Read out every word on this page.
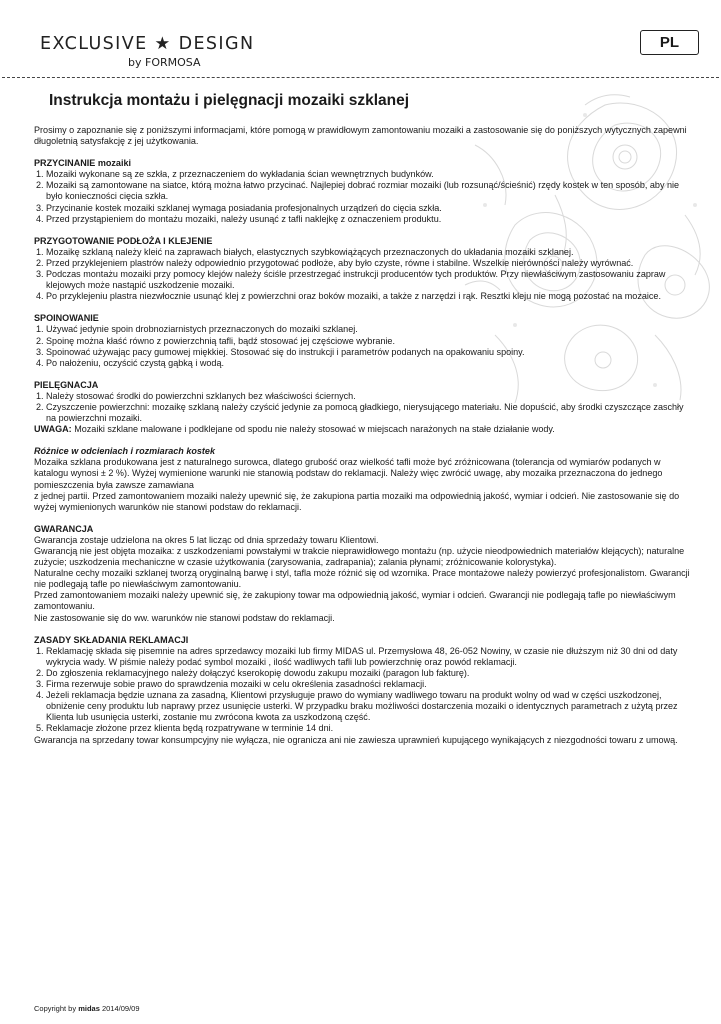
EXCLUSIVE ★ DESIGN
by FORMOSA
PL
Instrukcja montażu i pielęgnacji mozaiki szklanej

Prosimy o zapoznanie się z poniższymi informacjami, które pomogą w prawidłowym zamontowaniu mozaiki a zastosowanie się do poniższych wytycznych zapewni długoletnią satysfakcję z jej użytkowania.

PRZYCINANIE mozaiki
1. Mozaiki wykonane są ze szkła, z przeznaczeniem do wykładania ścian wewnętrznych budynków.
2. Mozaiki są zamontowane na siatce, którą można łatwo przycinać. Najlepiej dobrać rozmiar mozaiki (lub rozsunąć/ścieśnić) rzędy kostek w ten sposób, aby nie było konieczności cięcia szkła.
3. Przycinanie kostek mozaiki szklanej wymaga posiadania profesjonalnych urządzeń do cięcia szkła.
4. Przed przystąpieniem do montażu mozaiki, należy usunąć z tafli naklejkę z oznaczeniem produktu.
PRZYGOTOWANIE PODŁOŻA I KLEJENIE
1. Mozaikę szklaną należy kleić na zaprawach białych, elastycznych szybkowiążących przeznaczonych do układania mozaiki szklanej.
2. Przed przyklejeniem plastrów należy odpowiednio przygotować podłoże, aby było czyste, równe i stabilne. Wszelkie nierówności należy wyrównać.
3. Podczas montażu mozaiki przy pomocy klejów należy ściśle przestrzegać instrukcji producentów tych produktów. Przy niewłaściwym zastosowaniu zapraw klejowych może nastąpić uszkodzenie mozaiki.
4. Po przyklejeniu plastra niezwłocznie usunąć klej z powierzchni oraz boków mozaiki, a także z narzędzi i rąk. Resztki kleju nie mogą pozostać na mozaice.
SPOINOWANIE
1. Używać jedynie spoin drobnoziarnistych przeznaczonych do mozaiki szklanej.
2. Spoinę można kłaść równo z powierzchnią tafli, bądź stosować jej częściowe wybranie.
3. Spoinować używając pacy gumowej miękkiej. Stosować się do instrukcji i parametrów podanych na opakowaniu spoiny.
4. Po nałożeniu, oczyścić czystą gąbką i wodą.
PIELĘGNACJA
1. Należy stosować środki do powierzchni szklanych bez właściwości ściernych.
2. Czyszczenie powierzchni: mozaikę szklaną należy czyścić jedynie za pomocą gładkiego, nierysującego materiału. Nie dopuścić, aby środki czyszczące zaschły na powierzchni mozaiki.

UWAGA: Mozaiki szklane malowane i podklejane od spodu nie należy stosować w miejscach narażonych na stałe działanie wody.

Różnice w odcieniach i rozmiarach kostek

Mozaika szklana produkowana jest z naturalnego surowca, dlatego grubość oraz wielkość tafli może być zróżnicowana (tolerancja od wymiarów podanych w katalogu wynosi ± 2 %). Wyżej wymienione warunki nie stanowią podstaw do reklamacji. Należy więc zwrócić uwagę, aby mozaika przeznaczona do jednego pomieszczenia była zawsze zamawiana

z jednej partii. Przed zamontowaniem mozaiki należy upewnić się, że zakupiona partia mozaiki ma odpowiednią jakość, wymiar i odcień. Nie zastosowanie się do wyżej wymienionych warunków nie stanowi podstaw do reklamacji.

GWARANCJA

Gwarancja zostaje udzielona na okres 5 lat licząc od dnia sprzedaży towaru Klientowi.

Gwarancją nie jest objęta mozaika: z uszkodzeniami powstałymi w trakcie nieprawidłowego montażu (np. użycie nieodpowiednich materiałów klejących); naturalne zużycie; uszkodzenia mechaniczne w czasie użytkowania (zarysowania, zadrapania); zalania płynami; zróżnicowanie kolorystyka).

Naturalne cechy mozaiki szklanej tworzą oryginalną barwę i styl, tafla może różnić się od wzornika. Prace montażowe należy powierzyć profesjonalistom. Gwarancji nie podlegają tafle po niewłaściwym zamontowaniu.

Przed zamontowaniem mozaiki należy upewnić się, że zakupiony towar ma odpowiednią jakość, wymiar i odcień. Gwarancji nie podlegają tafle po niewłaściwym zamontowaniu.

Nie zastosowanie się do ww. warunków nie stanowi podstaw do reklamacji.

ZASADY SKŁADANIA REKLAMACJI
1. Reklamację składa się pisemnie na adres sprzedawcy mozaiki lub firmy MIDAS ul. Przemysłowa 48, 26-052 Nowiny, w czasie nie dłuższym niż 30 dni od daty wykrycia wady. W piśmie należy podać symbol mozaiki , ilość wadliwych tafli lub powierzchnię oraz powód reklamacji.
2. Do zgłoszenia reklamacyjnego należy dołączyć kserokopię dowodu zakupu mozaiki (paragon lub fakturę).
3. Firma rezerwuje sobie prawo do sprawdzenia mozaiki w celu określenia zasadności reklamacji.
4. Jeżeli reklamacja będzie uznana za zasadną, Klientowi przysługuje prawo do wymiany wadliwego towaru na produkt wolny od wad w części uszkodzonej, obniżenie ceny produktu lub naprawy przez usunięcie usterki. W przypadku braku możliwości dostarczenia mozaiki o identycznych parametrach z użytą przez Klienta lub usunięcia usterki, zostanie mu zwrócona kwota za uszkodzoną część.
5. Reklamacje złożone przez klienta będą rozpatrywane w terminie 14 dni.

Gwarancja na sprzedany towar konsumpcyjny nie wyłącza, nie ogranicza ani nie zawiesza uprawnień kupującego wynikających z niezgodności towaru z umową.

Copyright by midas 2014/09/09
